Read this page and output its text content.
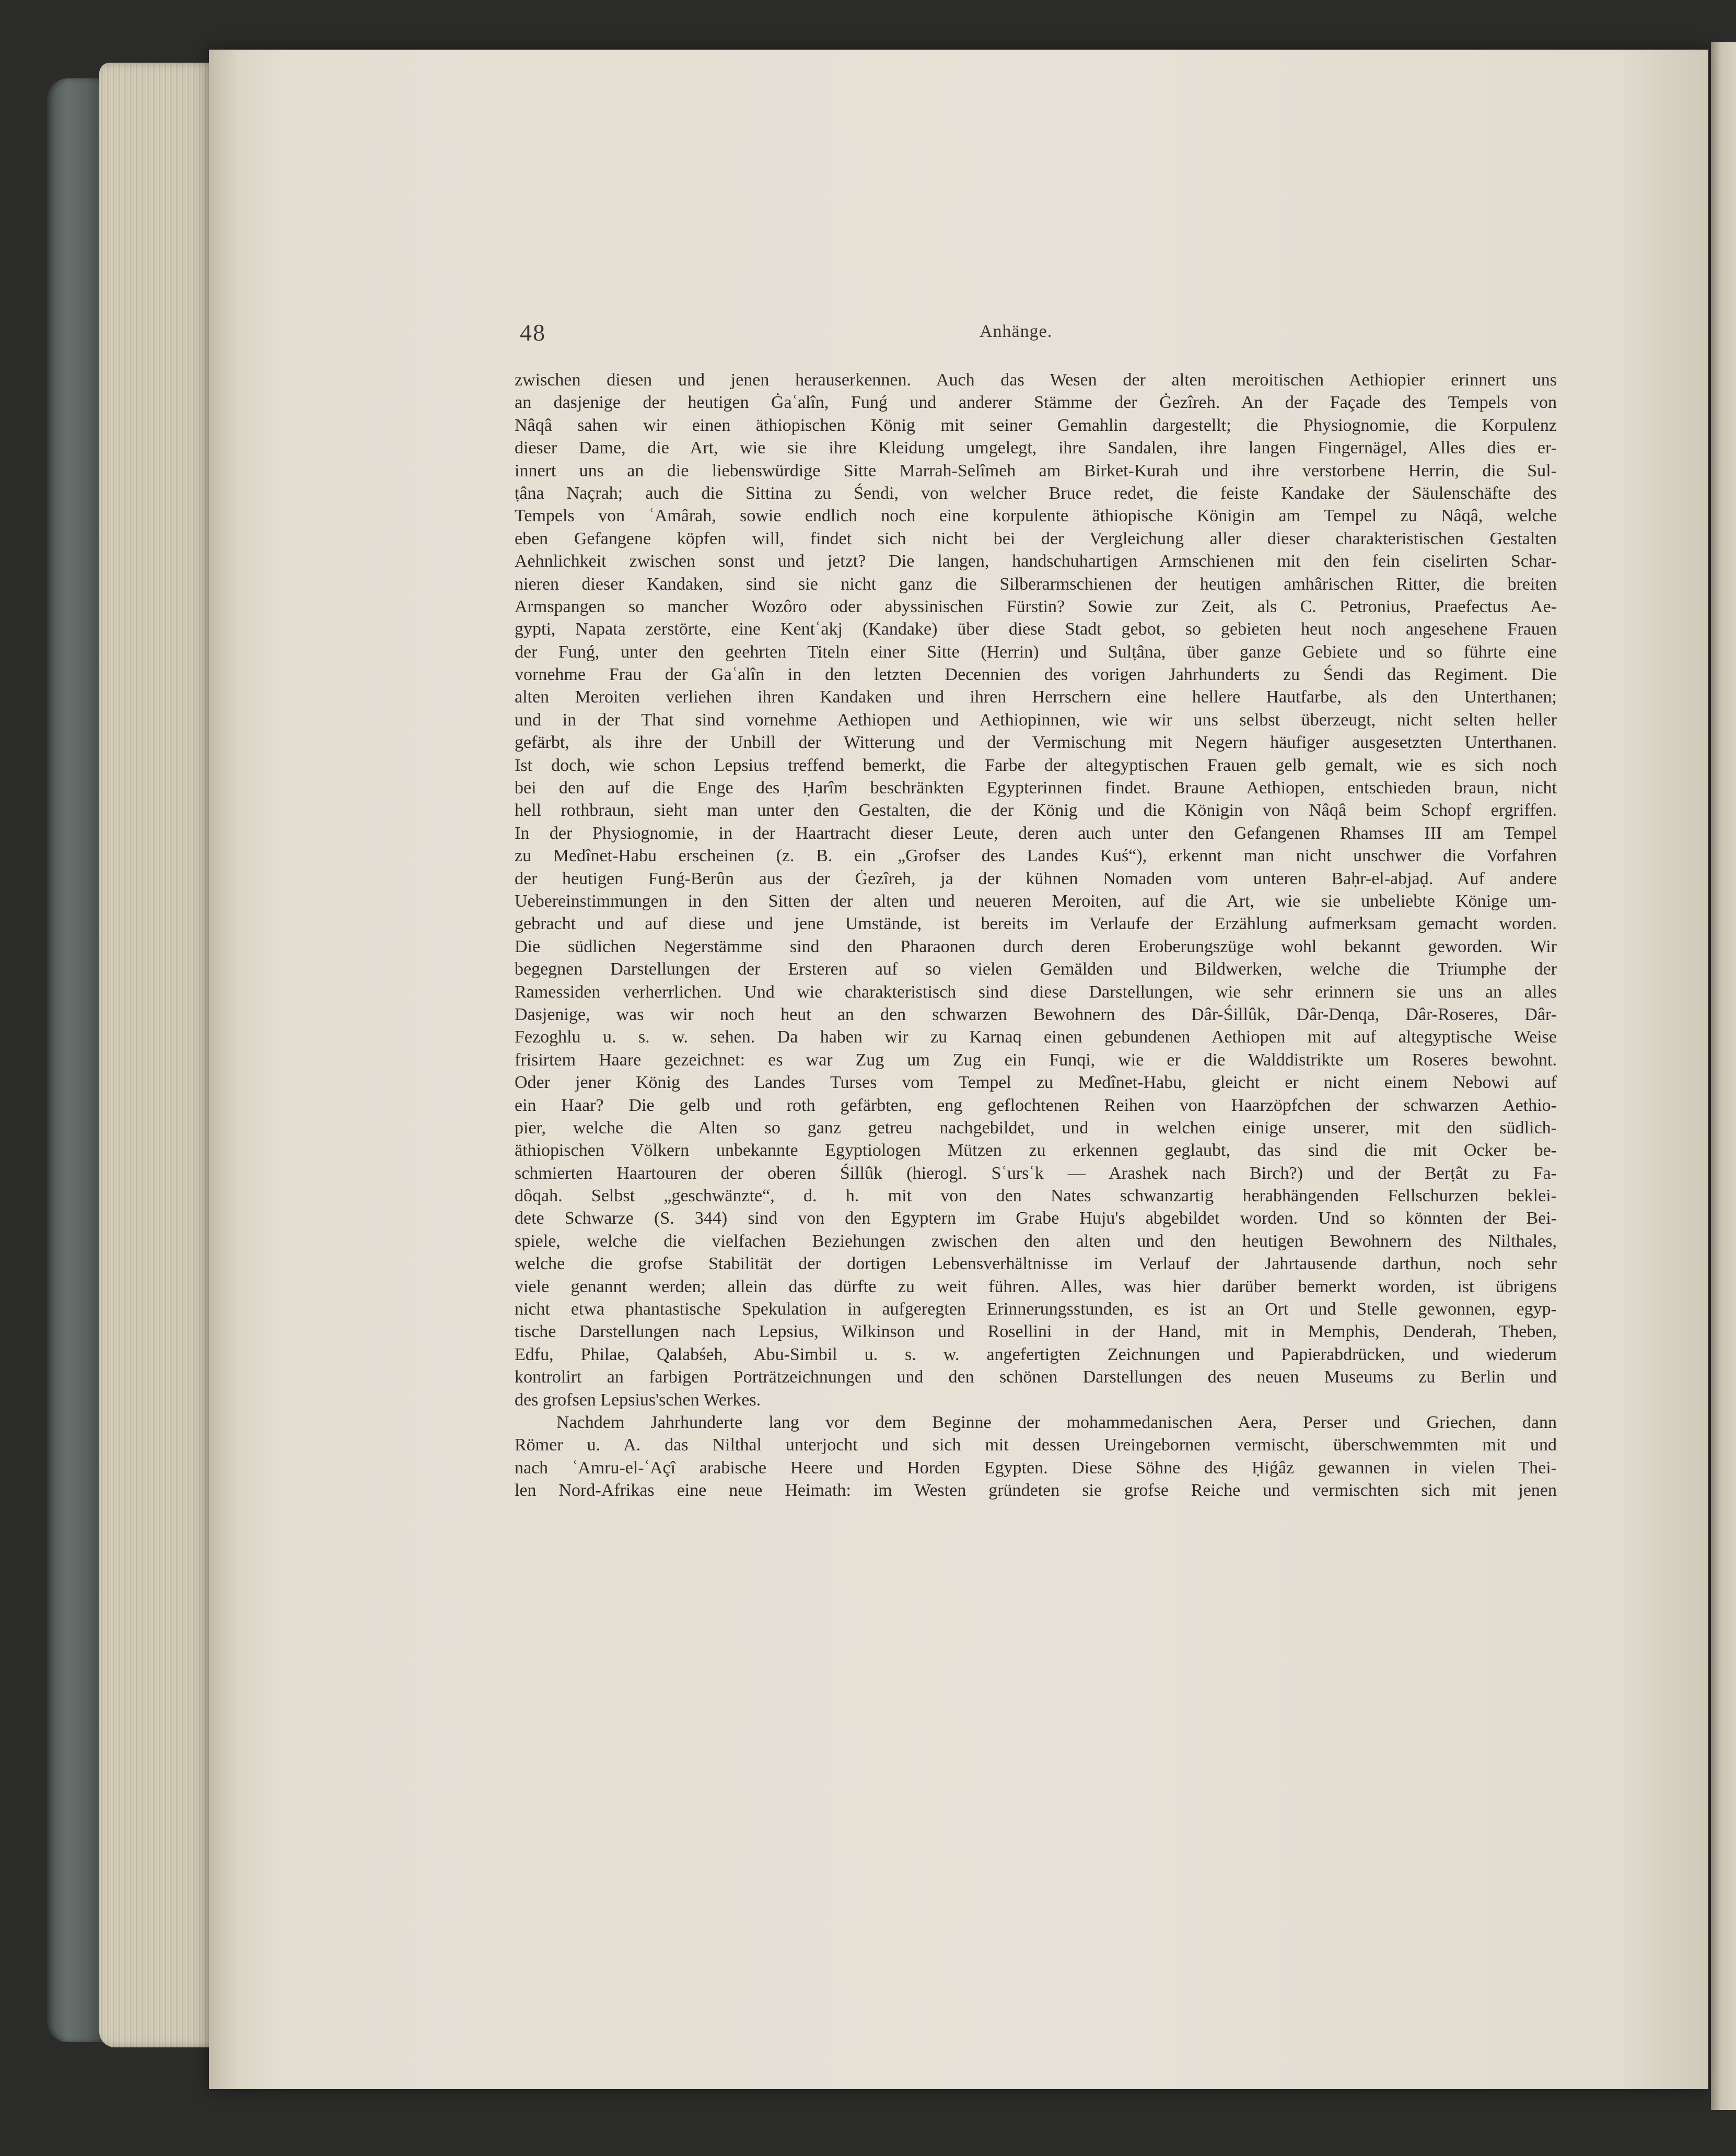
48	Anhänge.
zwischen diesen und jenen herauserkennen. Auch das Wesen der alten meroitischen Aethiopier erinnert uns
an dasjenige der heutigen Ġaʿalîn, Funǵ und anderer Stämme der Ġezîreh. An der Façade des Tempels von
Nâqâ sahen wir einen äthiopischen König mit seiner Gemahlin dargestellt; die Physiognomie, die Korpulenz
dieser Dame, die Art, wie sie ihre Kleidung umgelegt, ihre Sandalen, ihre langen Fingernägel, Alles dies er-
innert uns an die liebenswürdige Sitte Marrah-Selîmeh am Birket-Kurah und ihre verstorbene Herrin, die Sul-
ṭâna Naçrah; auch die Sittina zu Śendi, von welcher Bruce redet, die feiste Kandake der Säulenschäfte des
Tempels von ʿAmârah, sowie endlich noch eine korpulente äthiopische Königin am Tempel zu Nâqâ, welche
eben Gefangene köpfen will, findet sich nicht bei der Vergleichung aller dieser charakteristischen Gestalten
Aehnlichkeit zwischen sonst und jetzt? Die langen, handschuhartigen Armschienen mit den fein ciselirten Schar-
nieren dieser Kandaken, sind sie nicht ganz die Silberarmschienen der heutigen amhârischen Ritter, die breiten
Armspangen so mancher Wozôro oder abyssinischen Fürstin? Sowie zur Zeit, als C. Petronius, Praefectus Ae-
gypti, Napata zerstörte, eine Kentʿakj (Kandake) über diese Stadt gebot, so gebieten heut noch angesehene Frauen
der Funǵ, unter den geehrten Titeln einer Sitte (Herrin) und Sulṭâna, über ganze Gebiete und so führte eine
vornehme Frau der Gaʿalîn in den letzten Decennien des vorigen Jahrhunderts zu Śendi das Regiment. Die
alten Meroiten verliehen ihren Kandaken und ihren Herrschern eine hellere Hautfarbe, als den Unterthanen;
und in der That sind vornehme Aethiopen und Aethiopinnen, wie wir uns selbst überzeugt, nicht selten heller
gefärbt, als ihre der Unbill der Witterung und der Vermischung mit Negern häufiger ausgesetzten Unterthanen.
Ist doch, wie schon Lepsius treffend bemerkt, die Farbe der altegyptischen Frauen gelb gemalt, wie es sich noch
bei den auf die Enge des Ḥarîm beschränkten Egypterinnen findet. Braune Aethiopen, entschieden braun, nicht
hell rothbraun, sieht man unter den Gestalten, die der König und die Königin von Nâqâ beim Schopf ergriffen.
In der Physiognomie, in der Haartracht dieser Leute, deren auch unter den Gefangenen Rhamses III am Tempel
zu Medînet-Habu erscheinen (z. B. ein „Grofser des Landes Kuś“), erkennt man nicht unschwer die Vorfahren
der heutigen Funǵ-Berûn aus der Ġezîreh, ja der kühnen Nomaden vom unteren Baḥr-el-abjaḍ. Auf andere
Uebereinstimmungen in den Sitten der alten und neueren Meroiten, auf die Art, wie sie unbeliebte Könige um-
gebracht und auf diese und jene Umstände, ist bereits im Verlaufe der Erzählung aufmerksam gemacht worden.
Die südlichen Negerstämme sind den Pharaonen durch deren Eroberungszüge wohl bekannt geworden. Wir
begegnen Darstellungen der Ersteren auf so vielen Gemälden und Bildwerken, welche die Triumphe der
Ramessiden verherrlichen. Und wie charakteristisch sind diese Darstellungen, wie sehr erinnern sie uns an alles
Dasjenige, was wir noch heut an den schwarzen Bewohnern des Dâr-Śillûk, Dâr-Denqa, Dâr-Roseres, Dâr-
Fezoghlu u. s. w. sehen. Da haben wir zu Karnaq einen gebundenen Aethiopen mit auf altegyptische Weise
frisirtem Haare gezeichnet: es war Zug um Zug ein Funqi, wie er die Walddistrikte um Roseres bewohnt.
Oder jener König des Landes Turses vom Tempel zu Medînet-Habu, gleicht er nicht einem Nebowi auf
ein Haar? Die gelb und roth gefärbten, eng geflochtenen Reihen von Haarzöpfchen der schwarzen Aethio-
pier, welche die Alten so ganz getreu nachgebildet, und in welchen einige unserer, mit den südlich-
äthiopischen Völkern unbekannte Egyptiologen Mützen zu erkennen geglaubt, das sind die mit Ocker be-
schmierten Haartouren der oberen Śillûk (hierogl. Sʿursʿk — Arashek nach Birch?) und der Berṭât zu Fa-
dôqah. Selbst „geschwänzte“, d. h. mit von den Nates schwanzartig herabhängenden Fellschurzen beklei-
dete Schwarze (S. 344) sind von den Egyptern im Grabe Huju's abgebildet worden. Und so könnten der Bei-
spiele, welche die vielfachen Beziehungen zwischen den alten und den heutigen Bewohnern des Nilthales,
welche die grofse Stabilität der dortigen Lebensverhältnisse im Verlauf der Jahrtausende darthun, noch sehr
viele genannt werden; allein das dürfte zu weit führen. Alles, was hier darüber bemerkt worden, ist übrigens
nicht etwa phantastische Spekulation in aufgeregten Erinnerungsstunden, es ist an Ort und Stelle gewonnen, egyp-
tische Darstellungen nach Lepsius, Wilkinson und Rosellini in der Hand, mit in Memphis, Denderah, Theben,
Edfu, Philae, Qalabśeh, Abu-Simbil u. s. w. angefertigten Zeichnungen und Papierabdrücken, und wiederum
kontrolirt an farbigen Porträtzeichnungen und den schönen Darstellungen des neuen Museums zu Berlin und
des grofsen Lepsius'schen Werkes.
Nachdem Jahrhunderte lang vor dem Beginne der mohammedanischen Aera, Perser und Griechen, dann
Römer u. A. das Nilthal unterjocht und sich mit dessen Ureingebornen vermischt, überschwemmten mit und
nach ʿAmru-el-ʿAçî arabische Heere und Horden Egypten. Diese Söhne des Ḥiǵâz gewannen in vielen Thei-
len Nord-Afrikas eine neue Heimath: im Westen gründeten sie grofse Reiche und vermischten sich mit jenen
